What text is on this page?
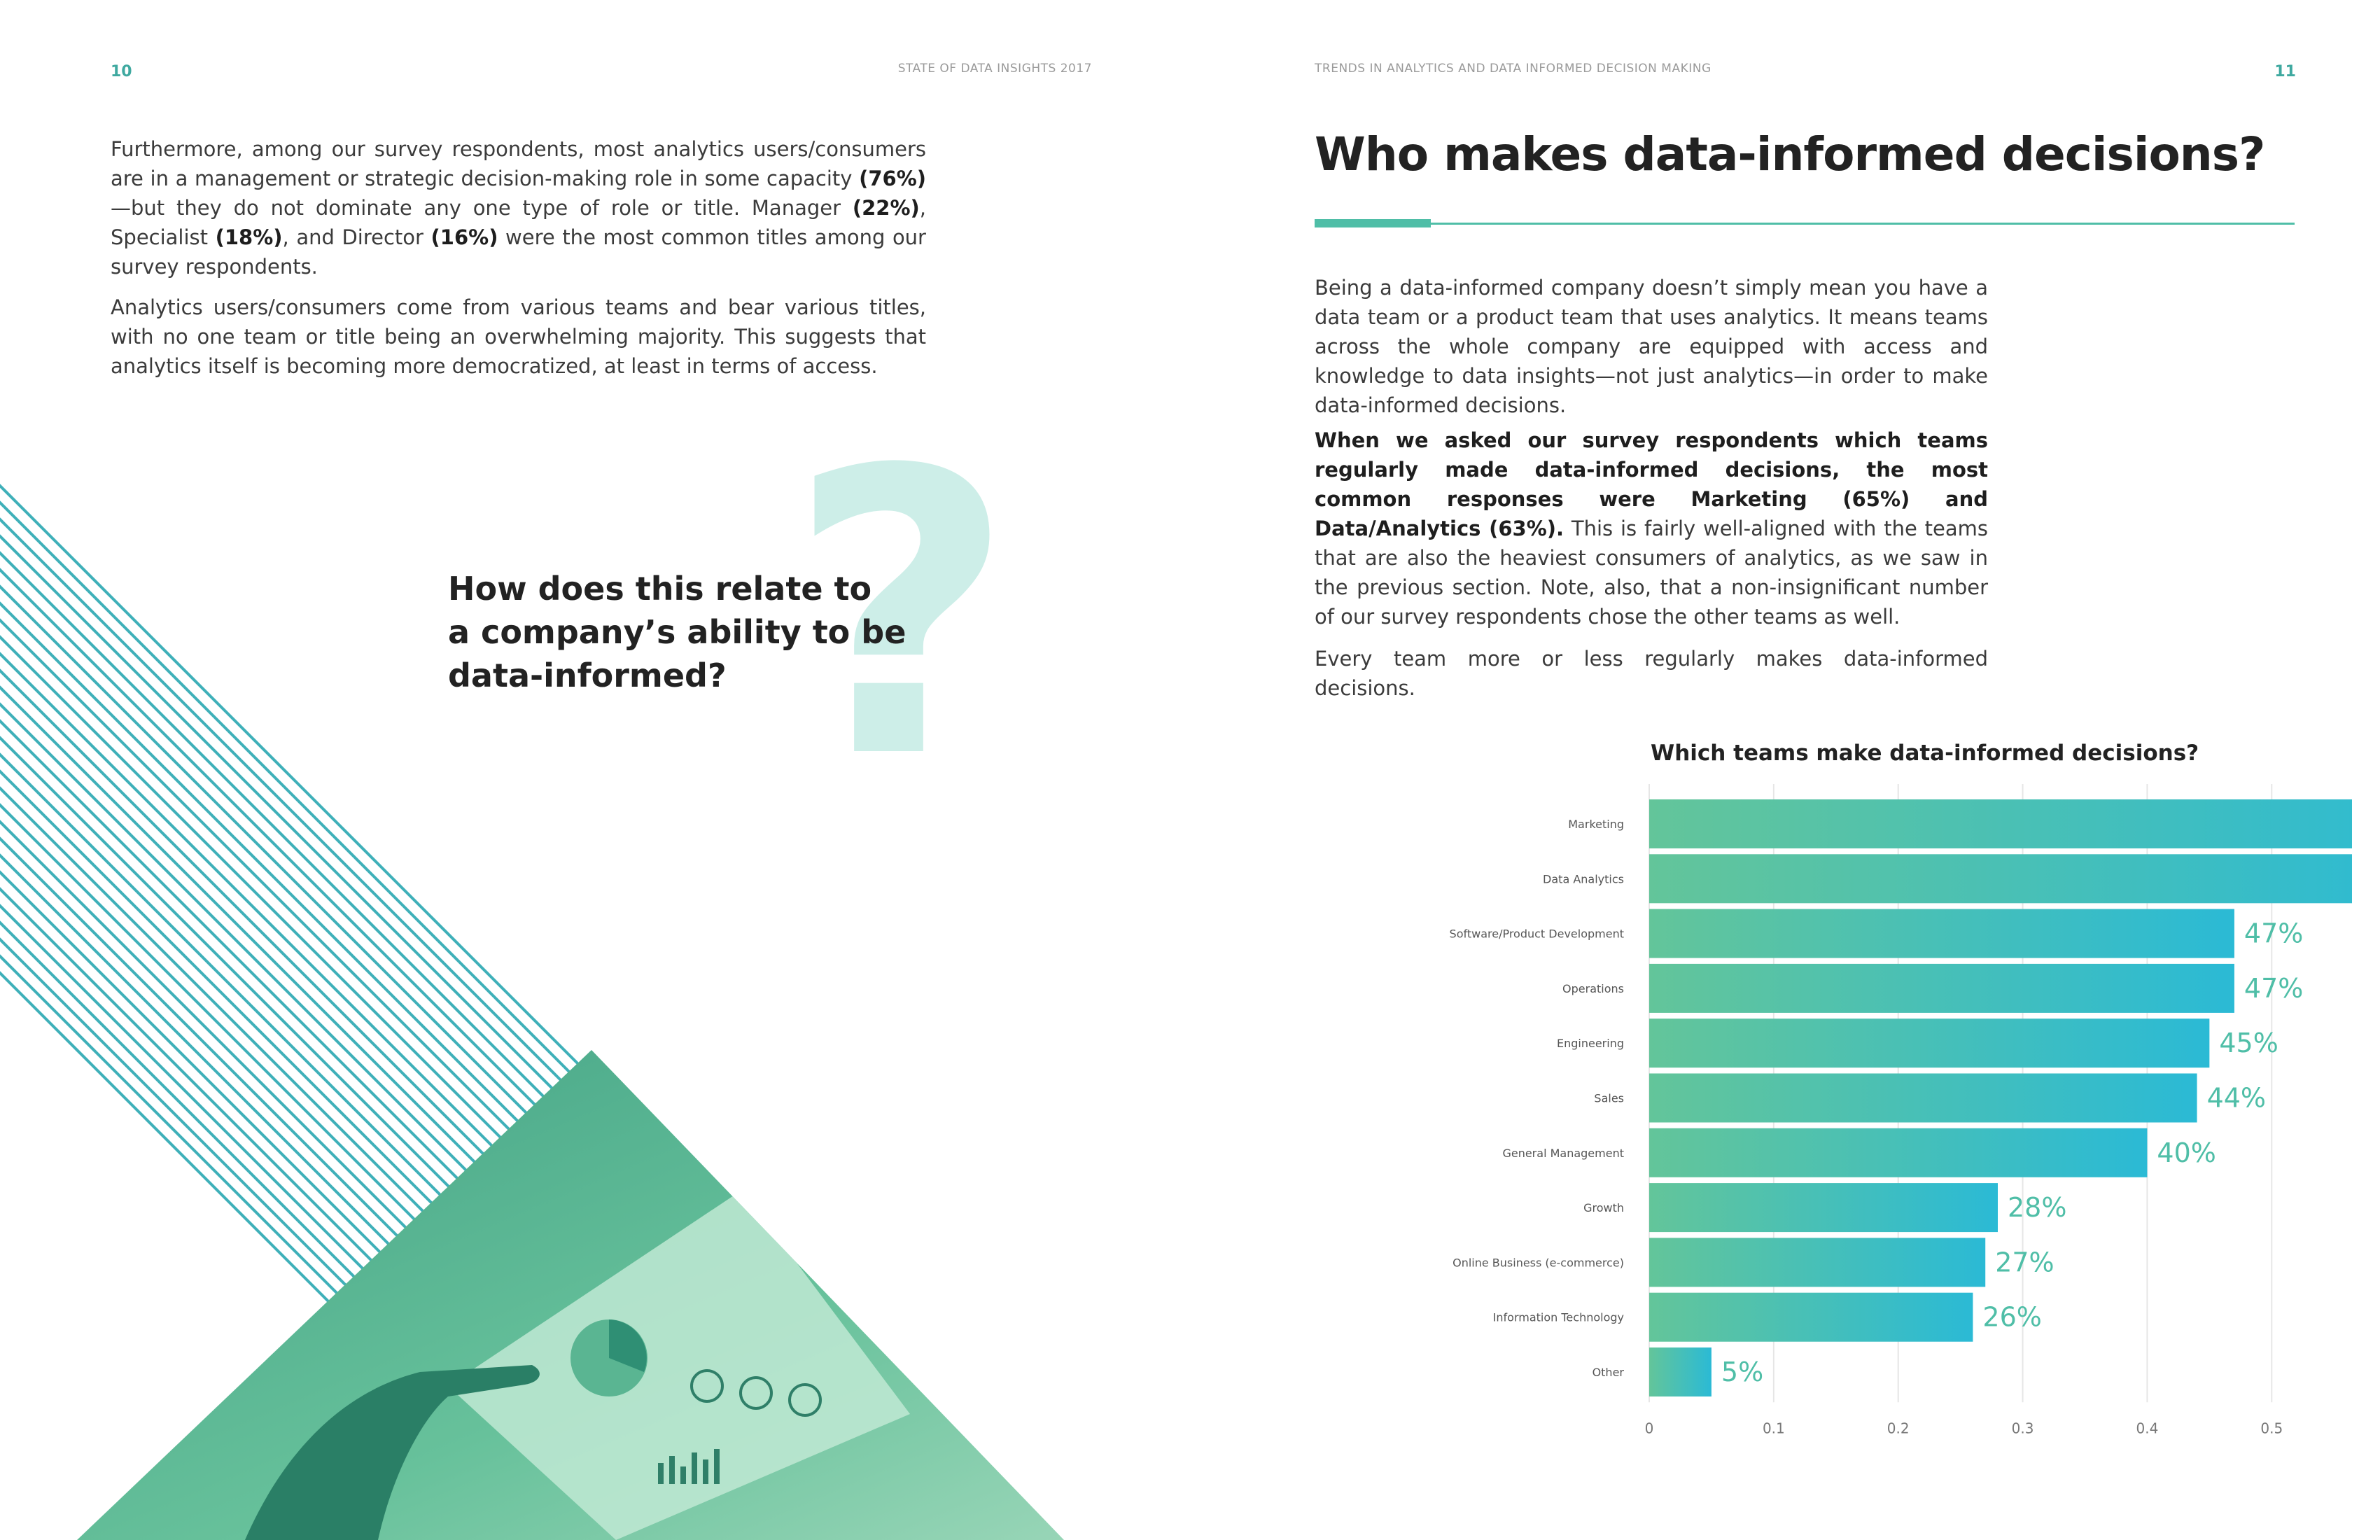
10	STATE OF DATA INSIGHTS 2017
Furthermore, among our survey respondents, most analytics users/consumers are in a management or strategic decision-making role in some capacity (76%)—but they do not dominate any one type of role or title. Manager (22%), Specialist (18%), and Director (16%) were the most common titles among our survey respondents.
Analytics users/consumers come from various teams and bear various titles, with no one team or title being an overwhelming majority. This suggests that analytics itself is becoming more democratized, at least in terms of access.
?
How does this relate to
a company’s ability to be
data-informed?
TRENDS IN ANALYTICS AND DATA INFORMED DECISION MAKING	11
Who makes data-informed decisions?
Being a data-informed company doesn’t simply mean you have a data team or a product team that uses analytics. It means teams across the whole company are equipped with access and knowledge to data insights—not just analytics—in order to make data-informed decisions.
When we asked our survey respondents which teams regularly made data-informed decisions, the most common responses were Marketing (65%) and Data/Analytics (63%). This is fairly well-aligned with the teams that are also the heaviest consumers of analytics, as we saw in the previous section. Note, also, that a non-insignificant number of our survey respondents chose the other teams as well.
Every team more or less regularly makes data-informed decisions.
Which teams make data-informed decisions?
0	0.1	0.2	0.3	0.4	0.5
Marketing
Data Analytics
Software/Product Development	47%
Operations	47%
Engineering	45%
Sales	44%
General Management	40%
Growth	28%
Online Business (e-commerce)	27%
Information Technology	26%
Other	5%
